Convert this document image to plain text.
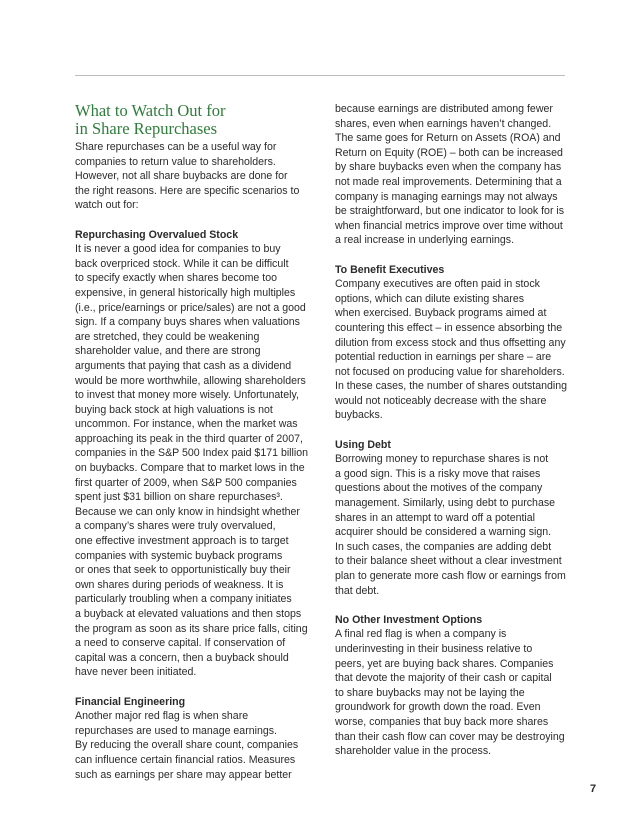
What to Watch Out for
in Share Repurchases
Share repurchases can be a useful way for
companies to return value to shareholders.
However, not all share buybacks are done for
the right reasons. Here are specific scenarios to
watch out for:
Repurchasing Overvalued Stock
It is never a good idea for companies to buy
back overpriced stock. While it can be difficult
to specify exactly when shares become too
expensive, in general historically high multiples
(i.e., price/earnings or price/sales) are not a good
sign. If a company buys shares when valuations
are stretched, they could be weakening
shareholder value, and there are strong
arguments that paying that cash as a dividend
would be more worthwhile, allowing shareholders
to invest that money more wisely. Unfortunately,
buying back stock at high valuations is not
uncommon. For instance, when the market was
approaching its peak in the third quarter of 2007,
companies in the S&P 500 Index paid $171 billion
on buybacks. Compare that to market lows in the
first quarter of 2009, when S&P 500 companies
spent just $31 billion on share repurchases³.
Because we can only know in hindsight whether
a company’s shares were truly overvalued,
one effective investment approach is to target
companies with systemic buyback programs
or ones that seek to opportunistically buy their
own shares during periods of weakness. It is
particularly troubling when a company initiates
a buyback at elevated valuations and then stops
the program as soon as its share price falls, citing
a need to conserve capital. If conservation of
capital was a concern, then a buyback should
have never been initiated.
Financial Engineering
Another major red flag is when share
repurchases are used to manage earnings.
By reducing the overall share count, companies
can influence certain financial ratios. Measures
such as earnings per share may appear better
because earnings are distributed among fewer
shares, even when earnings haven’t changed.
The same goes for Return on Assets (ROA) and
Return on Equity (ROE) – both can be increased
by share buybacks even when the company has
not made real improvements. Determining that a
company is managing earnings may not always
be straightforward, but one indicator to look for is
when financial metrics improve over time without
a real increase in underlying earnings.
To Benefit Executives
Company executives are often paid in stock
options, which can dilute existing shares
when exercised. Buyback programs aimed at
countering this effect – in essence absorbing the
dilution from excess stock and thus offsetting any
potential reduction in earnings per share – are
not focused on producing value for shareholders.
In these cases, the number of shares outstanding
would not noticeably decrease with the share
buybacks.
Using Debt
Borrowing money to repurchase shares is not
a good sign. This is a risky move that raises
questions about the motives of the company
management. Similarly, using debt to purchase
shares in an attempt to ward off a potential
acquirer should be considered a warning sign.
In such cases, the companies are adding debt
to their balance sheet without a clear investment
plan to generate more cash flow or earnings from
that debt.
No Other Investment Options
A final red flag is when a company is
underinvesting in their business relative to
peers, yet are buying back shares. Companies
that devote the majority of their cash or capital
to share buybacks may not be laying the
groundwork for growth down the road. Even
worse, companies that buy back more shares
than their cash flow can cover may be destroying
shareholder value in the process.
7
